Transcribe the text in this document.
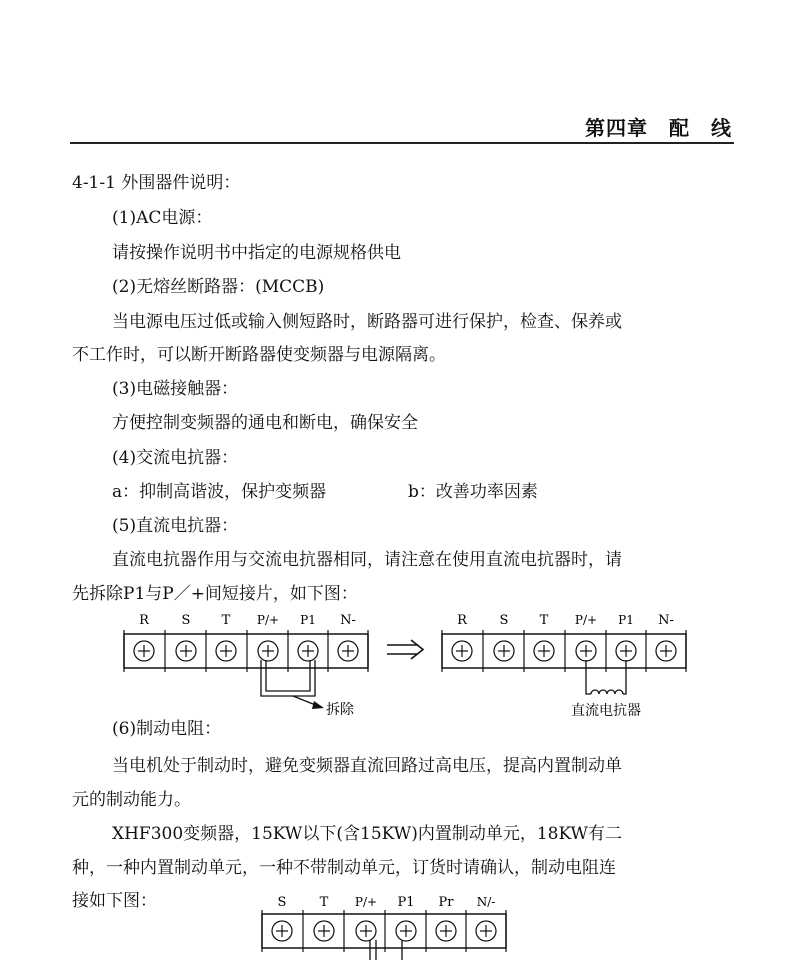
第四章　配　线
4-1-1 外围器件说明：
(1)AC电源：
请按操作说明书中指定的电源规格供电
(2)无熔丝断路器：(MCCB)
当电源电压过低或输入侧短路时，断路器可进行保护，检查、保养或
不工作时，可以断开断路器使变频器与电源隔离。
(3)电磁接触器：
方便控制变频器的通电和断电，确保安全
(4)交流电抗器：
a：抑制高谐波，保护变频器	b：改善功率因素
(5)直流电抗器：
直流电抗器作用与交流电抗器相同，请注意在使用直流电抗器时，请
先拆除P1与P／+间短接片，如下图：
R	S T P/+ P1 N-
拆除
R	S T P/+ P1 N-
直流电抗器
(6)制动电阻：
当电机处于制动时，避免变频器直流回路过高电压，提高内置制动单
元的制动能力。
XHF300变频器，15KW以下(含15KW)内置制动单元，18KW有二
种，一种内置制动单元，一种不带制动单元，订货时请确认，制动电阻连
接如下图：	S	T P/+ P1 Pr N/-
